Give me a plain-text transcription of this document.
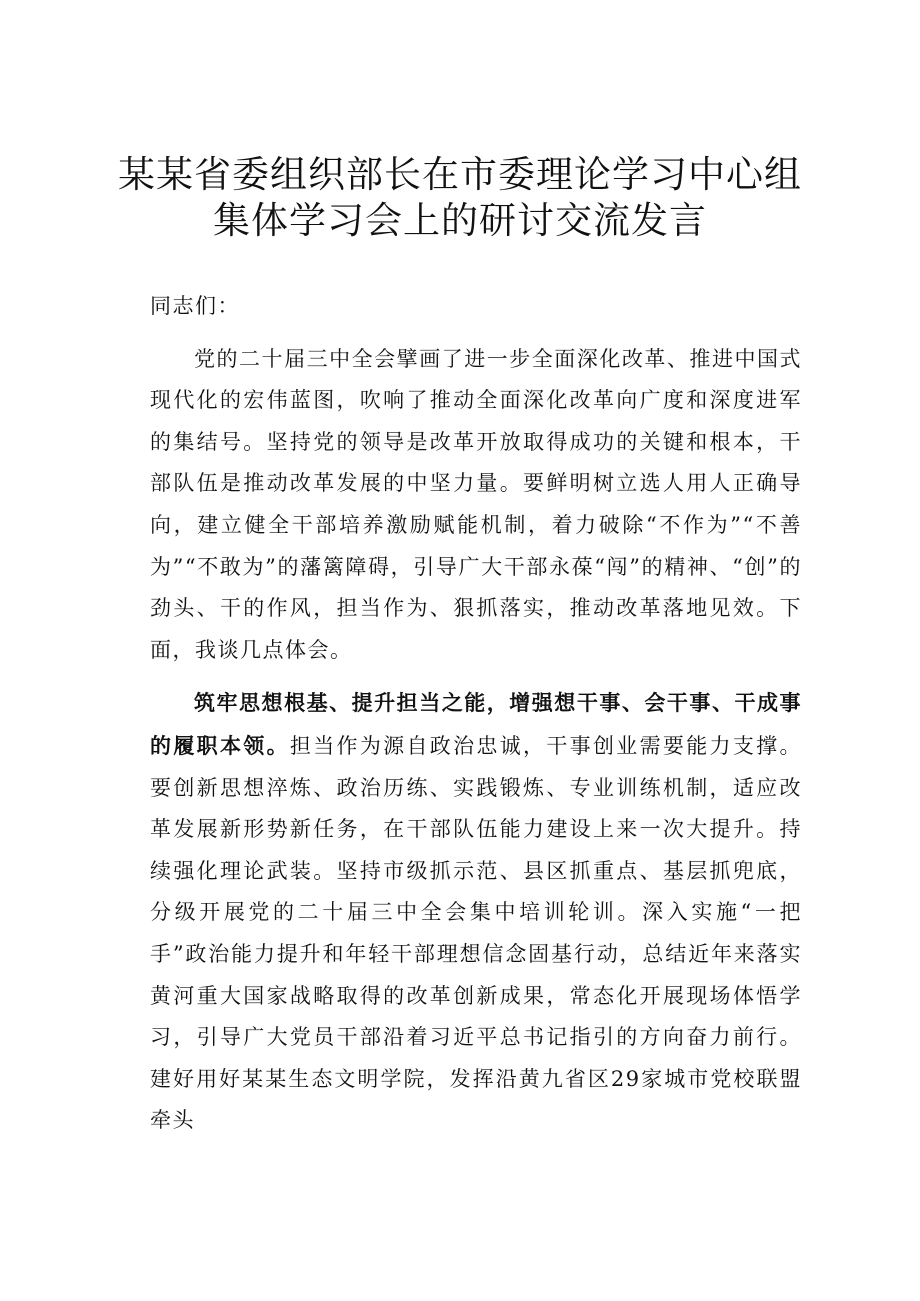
某某省委组织部长在市委理论学习中心组
集体学习会上的研讨交流发言

同志们：

党的二十届三中全会擘画了进一步全面深化改革、推进中国式现代化的宏伟蓝图，吹响了推动全面深化改革向广度和深度进军的集结号。坚持党的领导是改革开放取得成功的关键和根本，干部队伍是推动改革发展的中坚力量。要鲜明树立选人用人正确导向，建立健全干部培养激励赋能机制，着力破除“不作为”“不善为”“不敢为”的藩篱障碍，引导广大干部永葆“闯”的精神、“创”的劲头、干的作风，担当作为、狠抓落实，推动改革落地见效。下面，我谈几点体会。

筑牢思想根基、提升担当之能，增强想干事、会干事、干成事的履职本领。担当作为源自政治忠诚，干事创业需要能力支撑。要创新思想淬炼、政治历练、实践锻炼、专业训练机制，适应改革发展新形势新任务，在干部队伍能力建设上来一次大提升。持续强化理论武装。坚持市级抓示范、县区抓重点、基层抓兜底，分级开展党的二十届三中全会集中培训轮训。深入实施“一把手”政治能力提升和年轻干部理想信念固基行动，总结近年来落实黄河重大国家战略取得的改革创新成果，常态化开展现场体悟学习，引导广大党员干部沿着习近平总书记指引的方向奋力前行。建好用好某某生态文明学院，发挥沿黄九省区29家城市党校联盟牵头
